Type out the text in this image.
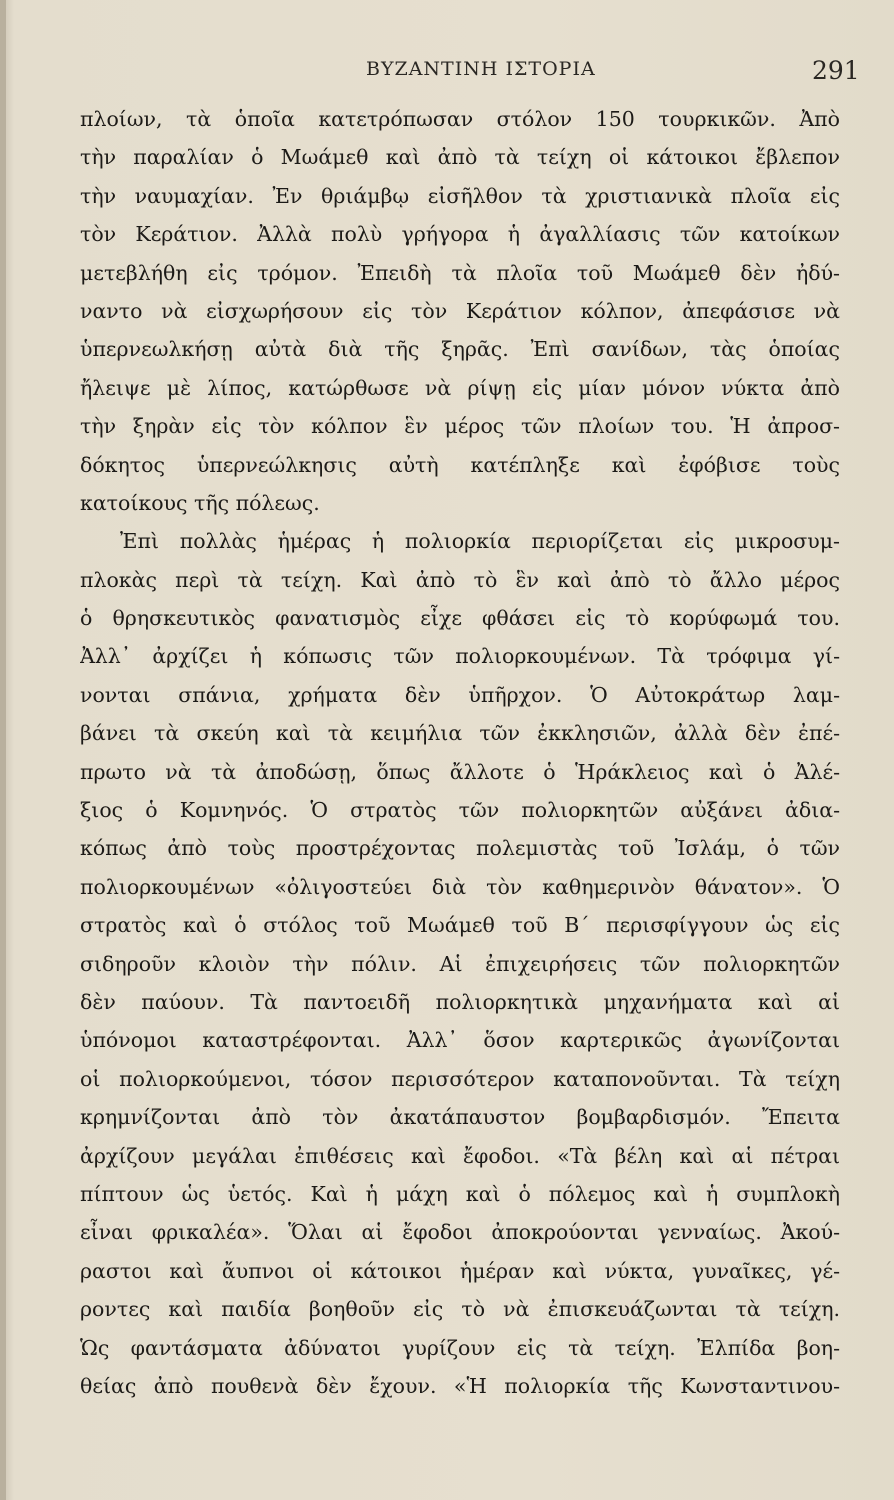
ΒΥΖΑΝΤΙΝΗ ΙΣΤΟΡΙΑ	291
πλοίων, τὰ ὁποῖα κατετρόπωσαν στόλον 150 τουρκικῶν. Ἀπὸ
τὴν παραλίαν ὁ Μωάμεθ καὶ ἀπὸ τὰ τείχη οἱ κάτοικοι ἔβλεπον
τὴν ναυμαχίαν. Ἐν θριάμβῳ εἰσῆλθον τὰ χριστιανικὰ πλοῖα εἰς
τὸν Κεράτιον. Ἀλλὰ πολὺ γρήγορα ἡ ἀγαλλίασις τῶν κατοίκων
μετεβλήθη εἰς τρόμον. Ἐπειδὴ τὰ πλοῖα τοῦ Μωάμεθ δὲν ἠδύ-
ναντο νὰ εἰσχωρήσουν εἰς τὸν Κεράτιον κόλπον, ἀπεφάσισε νὰ
ὑπερνεωλκήσῃ αὐτὰ διὰ τῆς ξηρᾶς. Ἐπὶ σανίδων, τὰς ὁποίας
ἤλειψε μὲ λίπος, κατώρθωσε νὰ ρίψῃ εἰς μίαν μόνον νύκτα ἀπὸ
τὴν ξηρὰν εἰς τὸν κόλπον ἓν μέρος τῶν πλοίων του. Ἡ ἀπροσ-
δόκητος ὑπερνεώλκησις αὐτὴ κατέπληξε καὶ ἐφόβισε τοὺς
κατοίκους τῆς πόλεως.
Ἐπὶ πολλὰς ἡμέρας ἡ πολιορκία περιορίζεται εἰς μικροσυμ-
πλοκὰς περὶ τὰ τείχη. Καὶ ἀπὸ τὸ ἓν καὶ ἀπὸ τὸ ἄλλο μέρος
ὁ θρησκευτικὸς φανατισμὸς εἶχε φθάσει εἰς τὸ κορύφωμά του.
Ἀλλ᾽ ἀρχίζει ἡ κόπωσις τῶν πολιορκουμένων. Τὰ τρόφιμα γί-
νονται σπάνια, χρήματα δὲν ὑπῆρχον. Ὁ Αὐτοκράτωρ λαμ-
βάνει τὰ σκεύη καὶ τὰ κειμήλια τῶν ἐκκλησιῶν, ἀλλὰ δὲν ἐπέ-
πρωτο νὰ τὰ ἀποδώσῃ, ὅπως ἄλλοτε ὁ Ἡράκλειος καὶ ὁ Ἀλέ-
ξιος ὁ Κομνηνός. Ὁ στρατὸς τῶν πολιορκητῶν αὐξάνει ἀδια-
κόπως ἀπὸ τοὺς προστρέχοντας πολεμιστὰς τοῦ Ἰσλάμ, ὁ τῶν
πολιορκουμένων «ὀλιγοστεύει διὰ τὸν καθημερινὸν θάνατον». Ὁ
στρατὸς καὶ ὁ στόλος τοῦ Μωάμεθ τοῦ Β΄ περισφίγγουν ὡς εἰς
σιδηροῦν κλοιὸν τὴν πόλιν. Αἱ ἐπιχειρήσεις τῶν πολιορκητῶν
δὲν παύουν. Τὰ παντοειδῆ πολιορκητικὰ μηχανήματα καὶ αἱ
ὑπόνομοι καταστρέφονται. Ἀλλ᾽ ὅσον καρτερικῶς ἀγωνίζονται
οἱ πολιορκούμενοι, τόσον περισσότερον καταπονοῦνται. Τὰ τείχη
κρημνίζονται ἀπὸ τὸν ἀκατάπαυστον βομβαρδισμόν. Ἔπειτα
ἀρχίζουν μεγάλαι ἐπιθέσεις καὶ ἔφοδοι. «Τὰ βέλη καὶ αἱ πέτραι
πίπτουν ὡς ὑετός. Καὶ ἡ μάχη καὶ ὁ πόλεμος καὶ ἡ συμπλοκὴ
εἶναι φρικαλέα». Ὅλαι αἱ ἔφοδοι ἀποκρούονται γενναίως. Ἀκού-
ραστοι καὶ ἄυπνοι οἱ κάτοικοι ἡμέραν καὶ νύκτα, γυναῖκες, γέ-
ροντες καὶ παιδία βοηθοῦν εἰς τὸ νὰ ἐπισκευάζωνται τὰ τείχη.
Ὡς φαντάσματα ἀδύνατοι γυρίζουν εἰς τὰ τείχη. Ἐλπίδα βοη-
θείας ἀπὸ πουθενὰ δὲν ἔχουν. «Ἡ πολιορκία τῆς Κωνσταντινου-
